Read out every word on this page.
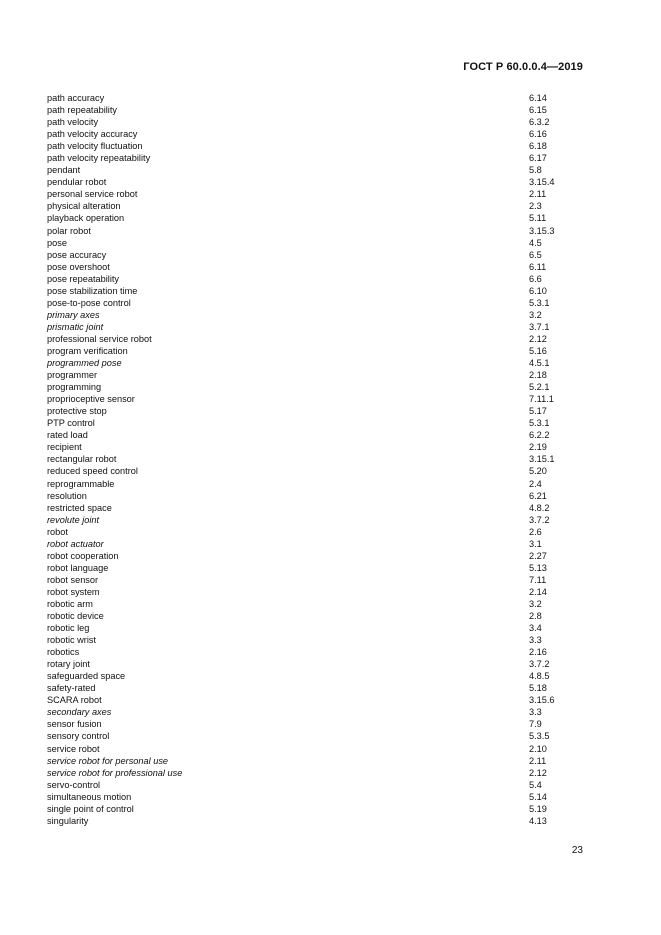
ГОСТ Р 60.0.0.4—2019
path accuracy	6.14
path repeatability	6.15
path velocity	6.3.2
path velocity accuracy	6.16
path velocity fluctuation	6.18
path velocity repeatability	6.17
pendant	5.8
pendular robot	3.15.4
personal service robot	2.11
physical alteration	2.3
playback operation	5.11
polar robot	3.15.3
pose	4.5
pose accuracy	6.5
pose overshoot	6.11
pose repeatability	6.6
pose stabilization time	6.10
pose-to-pose control	5.3.1
primary axes	3.2
prismatic joint	3.7.1
professional service robot	2.12
program verification	5.16
programmed pose	4.5.1
programmer	2.18
programming	5.2.1
proprioceptive sensor	7.11.1
protective stop	5.17
PTP control	5.3.1
rated load	6.2.2
recipient	2.19
rectangular robot	3.15.1
reduced speed control	5.20
reprogrammable	2.4
resolution	6.21
restricted space	4.8.2
revolute joint	3.7.2
robot	2.6
robot actuator	3.1
robot cooperation	2.27
robot language	5.13
robot sensor	7.11
robot system	2.14
robotic arm	3.2
robotic device	2.8
robotic leg	3.4
robotic wrist	3.3
robotics	2.16
rotary joint	3.7.2
safeguarded space	4.8.5
safety-rated	5.18
SCARA robot	3.15.6
secondary axes	3.3
sensor fusion	7.9
sensory control	5.3.5
service robot	2.10
service robot for personal use	2.11
service robot for professional use	2.12
servo-control	5.4
simultaneous motion	5.14
single point of control	5.19
singularity	4.13
23
